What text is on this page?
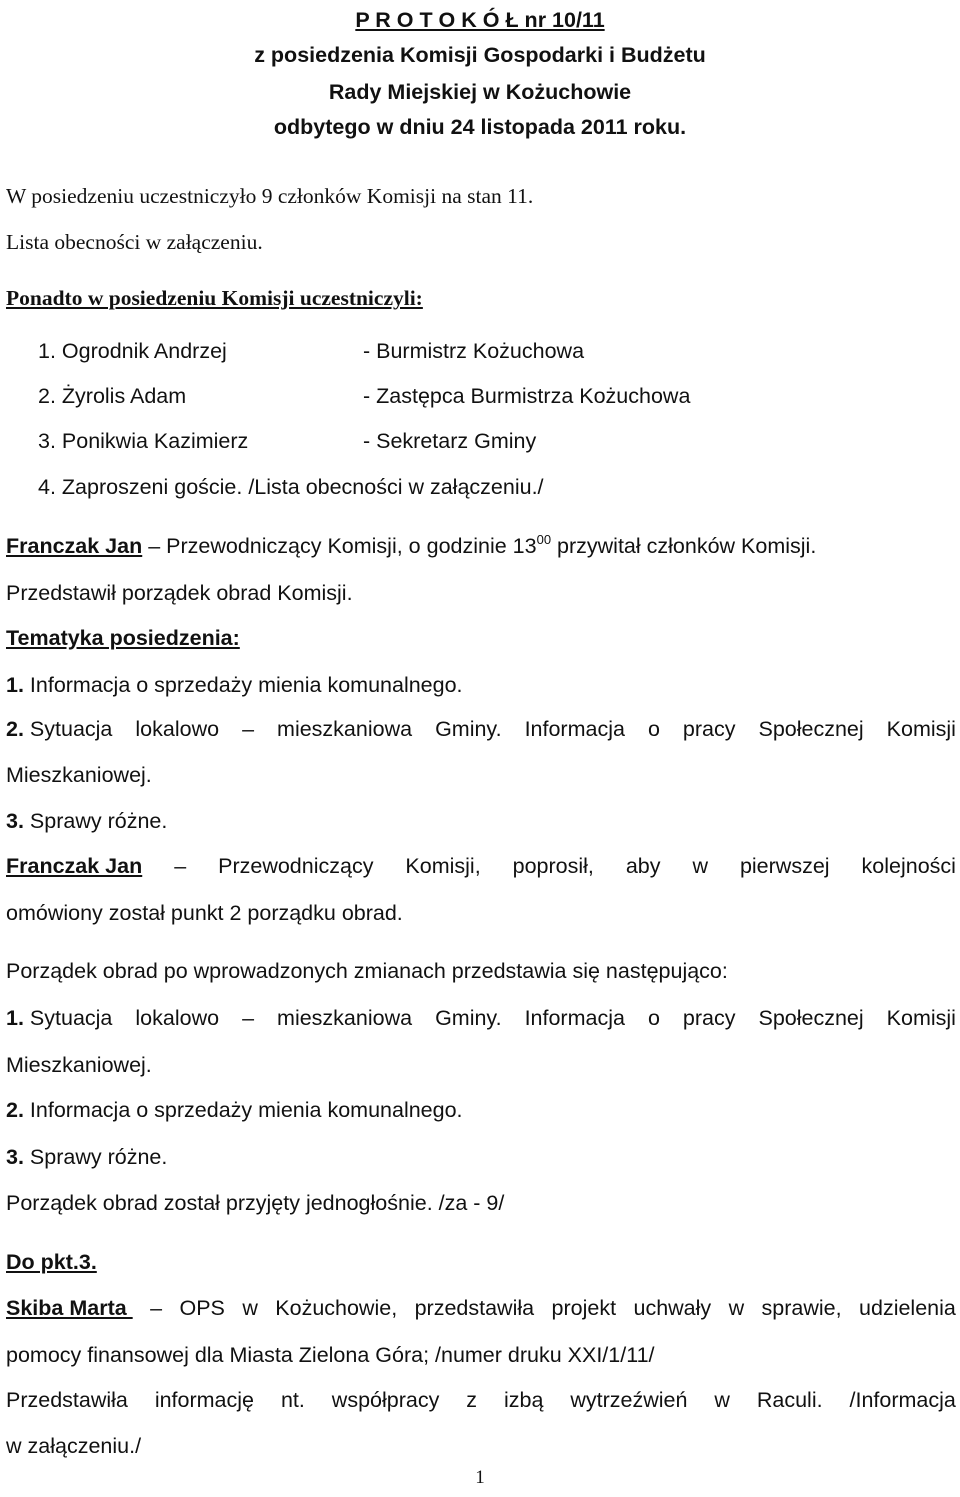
P R O T O K Ó Ł nr 10/11
z posiedzenia Komisji Gospodarki i Budżetu
Rady Miejskiej w Kożuchowie
odbytego w dniu 24 listopada 2011 roku.
W posiedzeniu uczestniczyło 9 członków Komisji na stan 11.
Lista obecności w załączeniu.
Ponadto w posiedzeniu Komisji uczestniczyli:
1. Ogrodnik Andrzej	- Burmistrz Kożuchowa
2. Żyrolis Adam	- Zastępca Burmistrza Kożuchowa
3. Ponikwia Kazimierz	- Sekretarz Gminy
4. Zaproszeni goście. /Lista obecności w załączeniu./
Franczak Jan – Przewodniczący Komisji, o godzinie $13^{00}$ przywitał członków Komisji.
Przedstawił porządek obrad Komisji.
Tematyka posiedzenia:
1. Informacja o sprzedaży mienia komunalnego.
2. Sytuacja lokalowo – mieszkaniowa Gminy. Informacja o pracy Społecznej Komisji
Mieszkaniowej.
3. Sprawy różne.
Franczak Jan – Przewodniczący Komisji, poprosił, aby w pierwszej kolejności
omówiony został punkt 2 porządku obrad.
Porządek obrad po wprowadzonych zmianach przedstawia się następująco:
1. Sytuacja lokalowo – mieszkaniowa Gminy. Informacja o pracy Społecznej Komisji
Mieszkaniowej.
2. Informacja o sprzedaży mienia komunalnego.
3. Sprawy różne.
Porządek obrad został przyjęty jednogłośnie. /za - 9/
Do pkt.3.
Skiba Marta – OPS w Kożuchowie, przedstawiła projekt uchwały w sprawie, udzielenia
pomocy finansowej dla Miasta Zielona Góra; /numer druku XXI/1/11/
Przedstawiła informację nt. współpracy z izbą wytrzeźwień w Raculi. /Informacja
w załączeniu./
1
